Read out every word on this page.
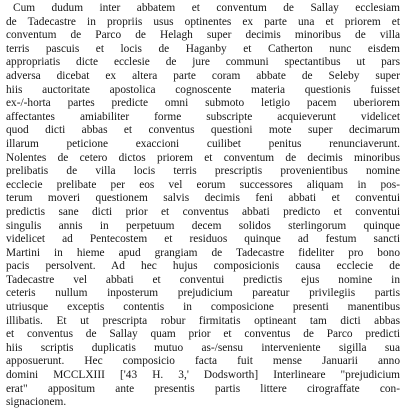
Cum dudum inter abbatem et conventum de Sallay ecclesiam
de Tadecastre in propriis usus optinentes ex parte una et priorem et
conventum de Parco de Helagh super decimis minoribus de villa
terris pascuis et locis de Haganby et Catherton nunc eisdem
appropriatis dicte ecclesie de jure communi spectantibus ut pars
adversa dicebat ex altera parte coram abbate de Seleby super
hiis auctoritate apostolica cognoscente materia questionis fuisset
ex-/-horta partes predicte omni submoto letigio pacem uberiorem
affectantes amiabiliter forme subscripte acquieverunt videlicet
quod dicti abbas et conventus questioni mote super decimarum
illarum peticione exaccioni cuilibet penitus renunciaverunt.
Nolentes de cetero dictos priorem et conventum de decimis minoribus
prelibatis de villa locis terris prescriptis provenientibus nomine
ecclecie prelibate per eos vel eorum successores aliquam in pos-
terum moveri questionem salvis decimis feni abbati et conventui
predictis sane dicti prior et conventus abbati predicto et conventui
singulis annis in perpetuum decem solidos sterlingorum quinque
videlicet ad Pentecostem et residuos quinque ad festum sancti
Martini in hieme apud grangiam de Tadecastre fideliter pro bono
pacis persolvent. Ad hec hujus composicionis causa ecclecie de
Tadecastre vel abbati et conventui predictis ejus nomine in
ceteris nullum inposterum prejudicium pareatur privilegiis partis
utriusque exceptis contentis in composicione presenti manentibus
illibatis. Et ut prescripta robur firmitatis optineant tam dicti abbas
et conventus de Sallay quam prior et conventus de Parco predicti
hiis scriptis duplicatis mutuo as-/sensu interveniente sigilla sua
apposuerunt. Hec composicio facta fuit mense Januarii anno
domini MCCLXIII ['43 H. 3,' Dodsworth] Interlineare "prejudicium
erat" appositum ante presentis partis littere cirograffate con-
signacionem.
